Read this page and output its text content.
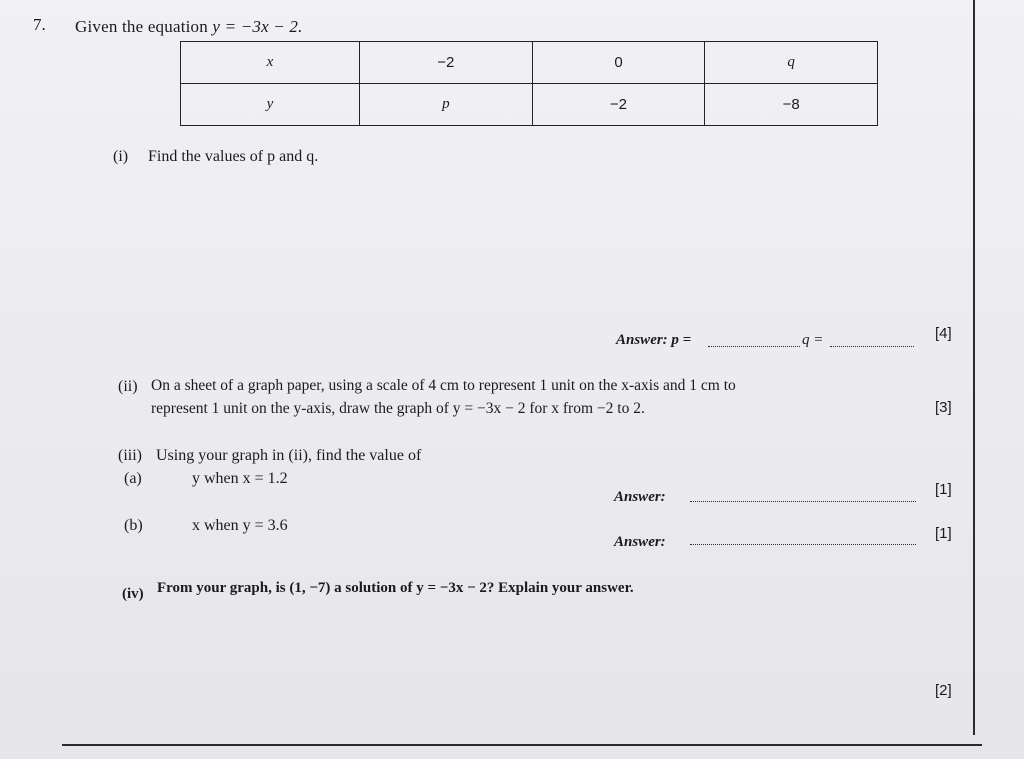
7. Given the equation y = −3x − 2.
x	−2	0	q
y	p	−2	−8
(i) Find the values of p and q.
Answer: p =	q =	[4]
(ii) On a sheet of a graph paper, using a scale of 4 cm to represent 1 unit on the x-axis and 1 cm to
represent 1 unit on the y-axis, draw the graph of y = −3x − 2 for x from −2 to 2.	[3]
(iii) Using your graph in (ii), find the value of
(a)	y when x = 1.2
Answer:	[1]
(b)	x when y = 3.6
Answer:	[1]
(iv) From your graph, is (1, −7) a solution of y = −3x − 2? Explain your answer.
[2]
